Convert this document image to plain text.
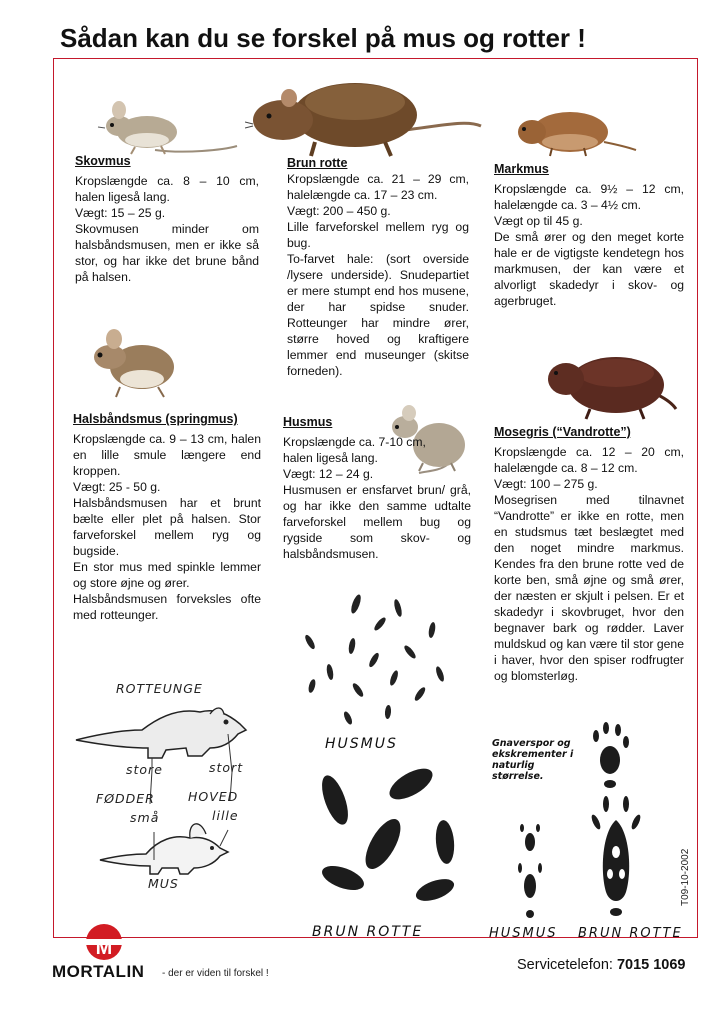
Sådan kan du se forskel på mus og rotter !
Skovmus

Kropslængde ca. 8 – 10 cm, halen ligeså lang.

Vægt: 15 – 25 g.

Skovmusen minder om halsbåndsmusen, men er ikke så stor, og har ikke det brune bånd på halsen.

Brun rotte

Kropslængde ca. 21 – 29 cm, halelængde ca. 17 – 23 cm.

Vægt: 200 – 450 g.

Lille farveforskel mellem ryg og bug.

To-farvet hale: (sort overside /lysere underside). Snudepartiet er mere stumpt end hos musene, der har spidse snuder. Rotteunger har mindre ører, større hoved og kraftigere lemmer end museunger (skitse forneden).

Markmus

Kropslængde ca. 9½ – 12 cm, halelængde ca. 3 – 4½ cm.

Vægt op til 45 g.

De små ører og den meget korte hale er de vigtigste kendetegn hos markmusen, der kan være et alvorligt skadedyr i skov- og agerbruget.

Halsbåndsmus (springmus)

Kropslængde ca. 9 – 13 cm, halen en lille smule længere end kroppen.

Vægt: 25 - 50 g.

Halsbåndsmusen har et brunt bælte eller plet på halsen. Stor farveforskel mellem ryg og bugside.

En stor mus med spinkle lemmer og store øjne og ører.

Halsbåndsmusen forveksles ofte med rotteunger.

Husmus

Kropslængde ca. 7-10 cm,

halen ligeså lang.

Vægt: 12 – 24 g.

Husmusen er ensfarvet brun/ grå, og har ikke den samme udtalte farveforskel mellem bug og rygside som skov- og halsbåndsmusen.

Mosegris (“Vandrotte”)

Kropslængde ca. 12 – 20 cm, halelængde ca. 8 – 12 cm.

Vægt: 100 – 275 g.

Mosegrisen med tilnavnet “Vandrotte” er ikke en rotte, men en studsmus tæt beslægtet med den noget mindre markmus. Kendes fra den brune rotte ved de korte ben, små øjne og små ører, der næsten er skjult i pelsen. Er et skadedyr i skovbruget, hvor den begnaver bark og rødder. Laver muldskud og kan være til stor gene i haver, hvor den spiser rodfrugter og blomsterløg.

ROTTEUNGE
store	stort
FØDDER	HOVED
små	lille
MUS
HUSMUS
BRUN ROTTE
Gnaverspor og ekskrementer i naturlig størrelse.
HUSMUS BRUN ROTTE
T09-10-2002
M
MORTALIN - der er viden til forskel !
Servicetelefon: 7015 1069
